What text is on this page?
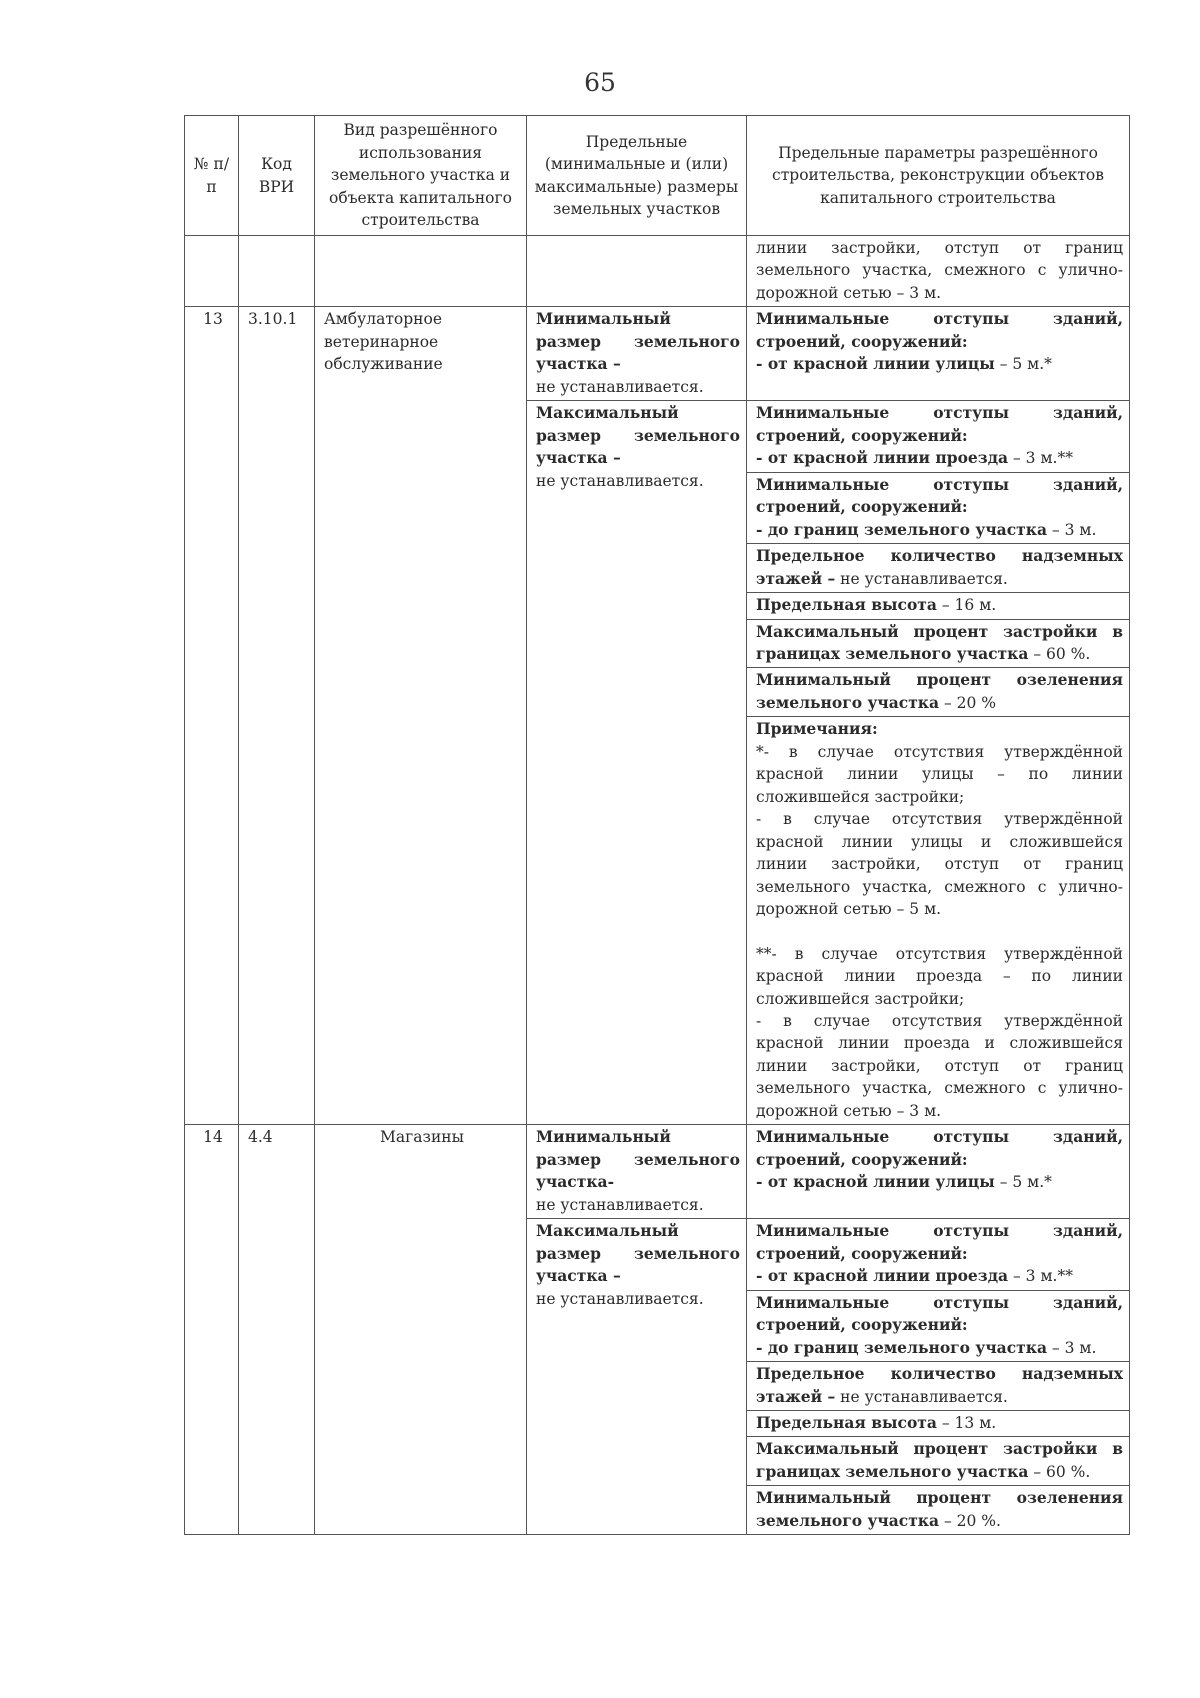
65
№ п/п	Код ВРИ	Вид разрешённого использования земельного участка и объекта капитального строительства	Предельные (минимальные и (или) максимальные) размеры земельных участков	Предельные параметры разрешённого строительства, реконструкции объектов капитального строительства
				линии застройки, отступ от границ земельного участка, смежного с улично-дорожной сетью – 3 м.
13	3.10.1	Амбулаторное ветеринарное обслуживание	Минимальный размер земельного участка –
не устанавливается.	Минимальные отступы зданий, строений, сооружений:
- от красной линии улицы – 5 м.*
			Максимальный размер земельного участка –
не устанавливается.	Минимальные отступы зданий, строений, сооружений:
- от красной линии проезда – 3 м.**
				Минимальные отступы зданий, строений, сооружений:
- до границ земельного участка – 3 м.
				Предельное количество надземных этажей – не устанавливается.
				Предельная высота – 16 м.
				Максимальный процент застройки в границах земельного участка – 60 %.
				Минимальный процент озеленения земельного участка – 20 %

				Примечания:
*- в случае отсутствия утверждённой красной линии улицы – по линии сложившейся застройки;
- в случае отсутствия утверждённой красной линии улицы и сложившейся линии застройки, отступ от границ земельного участка, смежного с улично-дорожной сетью – 5 м.
**- в случае отсутствия утверждённой красной линии проезда – по линии сложившейся застройки;
- в случае отсутствия утверждённой красной линии проезда и сложившейся линии застройки, отступ от границ земельного участка, смежного с улично-дорожной сетью – 3 м.

14	4.4	Магазины	Минимальный размер земельного участка-
не устанавливается.	Минимальные отступы зданий, строений, сооружений:
- от красной линии улицы – 5 м.*
			Максимальный размер земельного участка –
не устанавливается.	Минимальные отступы зданий, строений, сооружений:
- от красной линии проезда – 3 м.**
				Минимальные отступы зданий, строений, сооружений:
- до границ земельного участка – 3 м.
				Предельное количество надземных этажей – не устанавливается.
				Предельная высота – 13 м.
				Максимальный процент застройки в границах земельного участка – 60 %.
				Минимальный процент озеленения земельного участка – 20 %.
